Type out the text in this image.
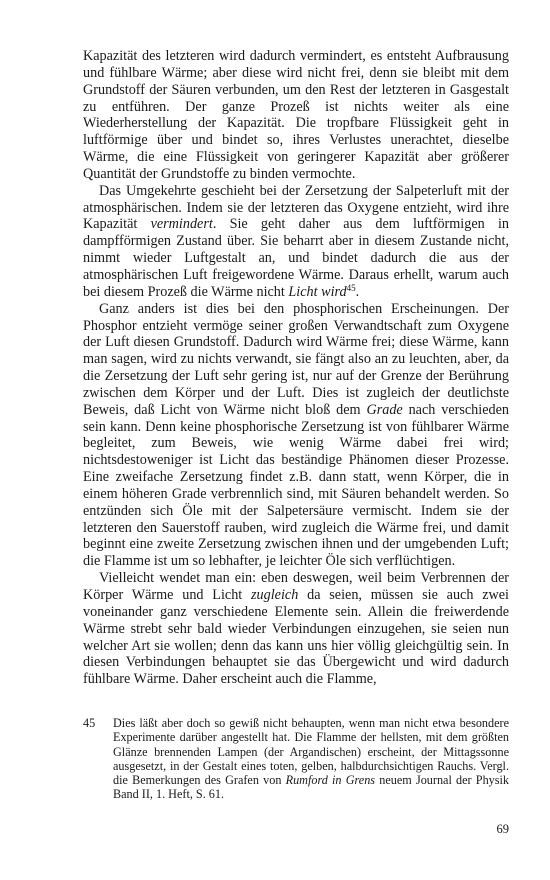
Kapazität des letzteren wird dadurch vermindert, es entsteht Aufbrausung und fühlbare Wärme; aber diese wird nicht frei, denn sie bleibt mit dem Grundstoff der Säuren verbunden, um den Rest der letzteren in Gasgestalt zu entführen. Der ganze Prozeß ist nichts weiter als eine Wiederherstellung der Kapazität. Die tropfbare Flüssigkeit geht in luftförmige über und bindet so, ihres Verlustes unerachtet, dieselbe Wärme, die eine Flüssigkeit von geringerer Kapazität aber größerer Quantität der Grundstoffe zu binden vermochte.

Das Umgekehrte geschieht bei der Zersetzung der Salpeterluft mit der atmosphärischen. Indem sie der letzteren das Oxygene entzieht, wird ihre Kapazität vermindert. Sie geht daher aus dem luftförmigen in dampfförmigen Zustand über. Sie beharrt aber in diesem Zustande nicht, nimmt wieder Luftgestalt an, und bindet dadurch die aus der atmosphärischen Luft freigewordene Wärme. Daraus erhellt, warum auch bei diesem Prozeß die Wärme nicht Licht wird$^{45}$.

Ganz anders ist dies bei den phosphorischen Erscheinungen. Der Phosphor entzieht vermöge seiner großen Verwandtschaft zum Oxygene der Luft diesen Grundstoff. Dadurch wird Wärme frei; diese Wärme, kann man sagen, wird zu nichts verwandt, sie fängt also an zu leuchten, aber, da die Zersetzung der Luft sehr gering ist, nur auf der Grenze der Berührung zwischen dem Körper und der Luft. Dies ist zugleich der deutlichste Beweis, daß Licht von Wärme nicht bloß dem Grade nach verschieden sein kann. Denn keine phosphorische Zersetzung ist von fühlbarer Wärme begleitet, zum Beweis, wie wenig Wärme dabei frei wird; nichtsdestoweniger ist Licht das beständige Phänomen dieser Prozesse. Eine zweifache Zersetzung findet z.B. dann statt, wenn Körper, die in einem höheren Grade verbrennlich sind, mit Säuren behandelt werden. So entzünden sich Öle mit der Salpetersäure vermischt. Indem sie der letzteren den Sauerstoff rauben, wird zugleich die Wärme frei, und damit beginnt eine zweite Zersetzung zwischen ihnen und der umgebenden Luft; die Flamme ist um so lebhafter, je leichter Öle sich verflüchtigen.

Vielleicht wendet man ein: eben deswegen, weil beim Verbrennen der Körper Wärme und Licht zugleich da seien, müssen sie auch zwei voneinander ganz verschiedene Elemente sein. Allein die freiwerdende Wärme strebt sehr bald wieder Verbindungen einzugehen, sie seien nun welcher Art sie wollen; denn das kann uns hier völlig gleichgültig sein. In diesen Verbindungen behauptet sie das Übergewicht und wird dadurch fühlbare Wärme. Daher erscheint auch die Flamme,

45	Dies läßt aber doch so gewiß nicht behaupten, wenn man nicht etwa besondere Experimente darüber angestellt hat. Die Flamme der hellsten, mit dem größten Glänze brennenden Lampen (der Argandischen) erscheint, der Mittagssonne ausgesetzt, in der Gestalt eines toten, gelben, halbdurchsichtigen Rauchs. Vergl. die Bemerkungen des Grafen von Rumford in Grens neuem Journal der Physik Band II, 1. Heft, S. 61.
69
